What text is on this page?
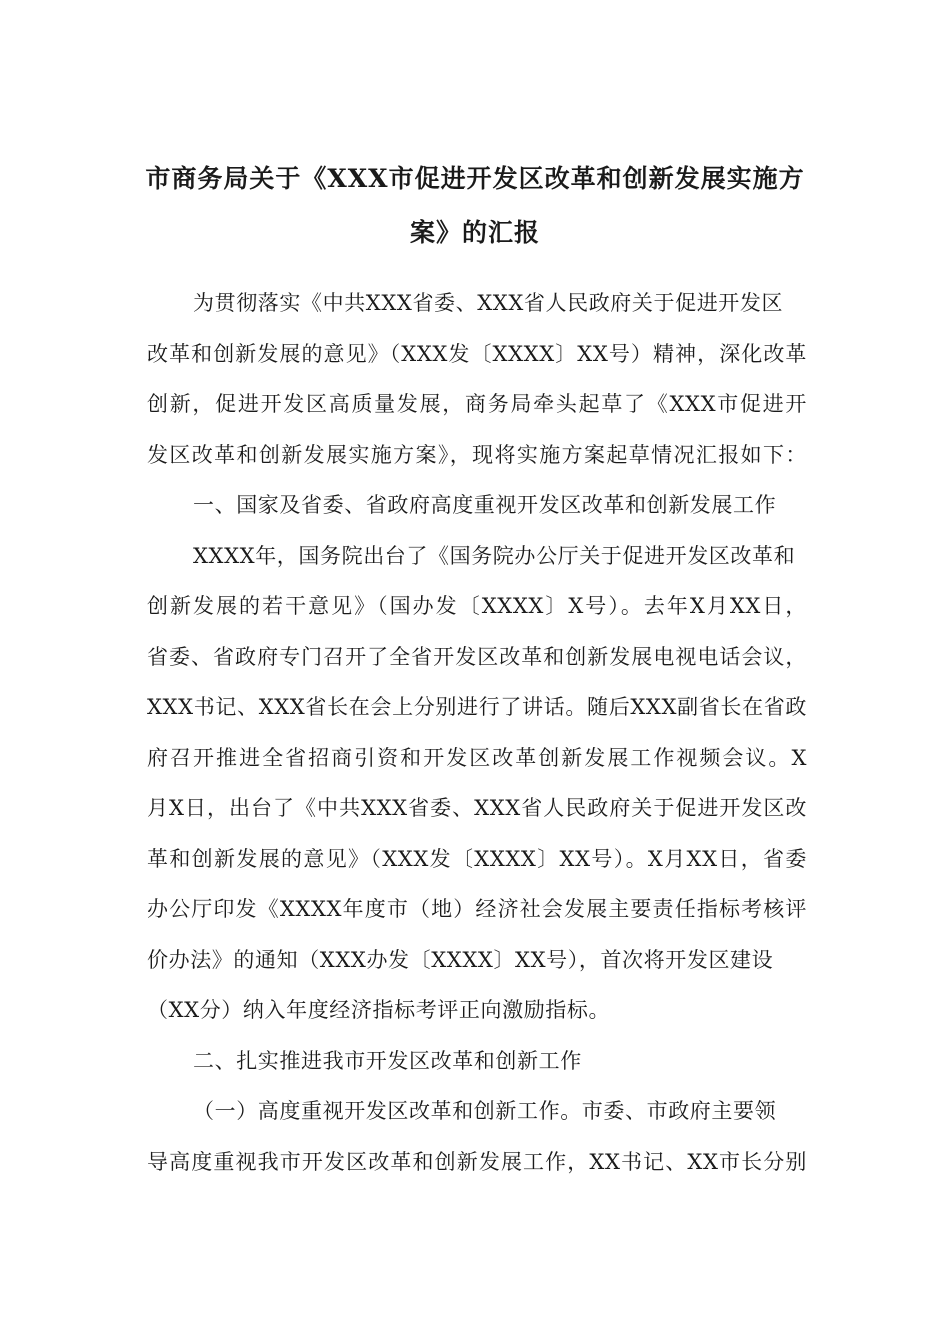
市商务局关于《XXX市促进开发区改革和创新发展实施方
案》的汇报
为贯彻落实《中共XXX省委、XXX省人民政府关于促进开发区
改革和创新发展的意见》（XXX发〔XXXX〕XX号）精神，深化改革
创新，促进开发区高质量发展，商务局牵头起草了《XXX市促进开
发区改革和创新发展实施方案》，现将实施方案起草情况汇报如下：
一、国家及省委、省政府高度重视开发区改革和创新发展工作
XXXX年，国务院出台了《国务院办公厅关于促进开发区改革和
创新发展的若干意见》（国办发〔XXXX〕X号）。去年X月XX日，
省委、省政府专门召开了全省开发区改革和创新发展电视电话会议，
XXX书记、XXX省长在会上分别进行了讲话。随后XXX副省长在省政
府召开推进全省招商引资和开发区改革创新发展工作视频会议。X
月X日，出台了《中共XXX省委、XXX省人民政府关于促进开发区改
革和创新发展的意见》（XXX发〔XXXX〕XX号）。X月XX日，省委
办公厅印发《XXXX年度市（地）经济社会发展主要责任指标考核评
价办法》的通知（XXX办发〔XXXX〕XX号），首次将开发区建设
（XX分）纳入年度经济指标考评正向激励指标。
二、扎实推进我市开发区改革和创新工作
（一）高度重视开发区改革和创新工作。市委、市政府主要领
导高度重视我市开发区改革和创新发展工作，XX书记、XX市长分别
